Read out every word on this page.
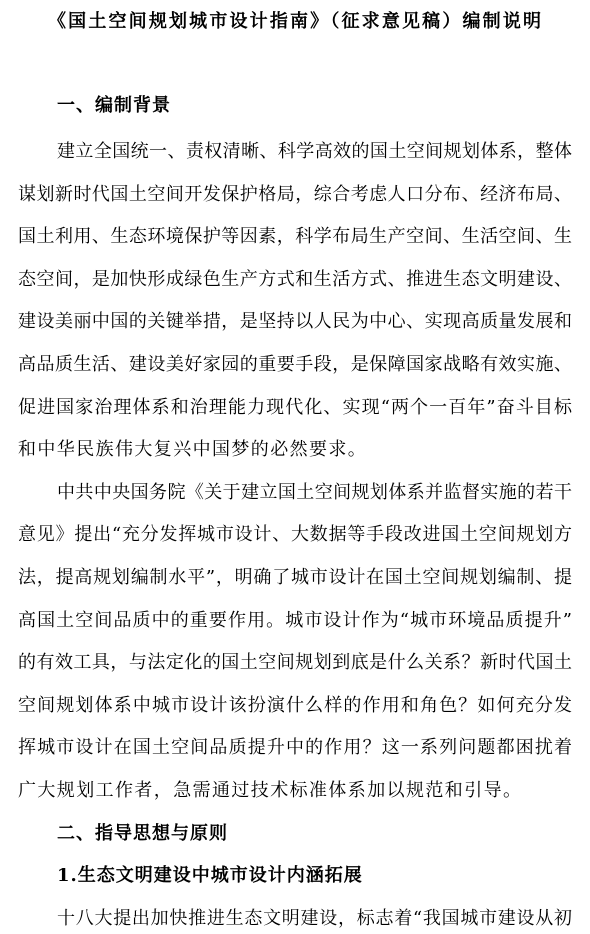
《国土空间规划城市设计指南》（征求意见稿）编制说明
一、编制背景
建立全国统一、责权清晰、科学高效的国土空间规划体系，整体
谋划新时代国土空间开发保护格局，综合考虑人口分布、经济布局、
国土利用、生态环境保护等因素，科学布局生产空间、生活空间、生
态空间，是加快形成绿色生产方式和生活方式、推进生态文明建设、
建设美丽中国的关键举措，是坚持以人民为中心、实现高质量发展和
高品质生活、建设美好家园的重要手段，是保障国家战略有效实施、
促进国家治理体系和治理能力现代化、实现“两个一百年”奋斗目标
和中华民族伟大复兴中国梦的必然要求。
中共中央国务院《关于建立国土空间规划体系并监督实施的若干
意见》提出“充分发挥城市设计、大数据等手段改进国土空间规划方
法，提高规划编制水平”，明确了城市设计在国土空间规划编制、提
高国土空间品质中的重要作用。城市设计作为“城市环境品质提升”
的有效工具，与法定化的国土空间规划到底是什么关系？新时代国土
空间规划体系中城市设计该扮演什么样的作用和角色？如何充分发
挥城市设计在国土空间品质提升中的作用？这一系列问题都困扰着
广大规划工作者，急需通过技术标准体系加以规范和引导。
二、指导思想与原则
1.生态文明建设中城市设计内涵拓展
十八大提出加快推进生态文明建设，标志着“我国城市建设从初
